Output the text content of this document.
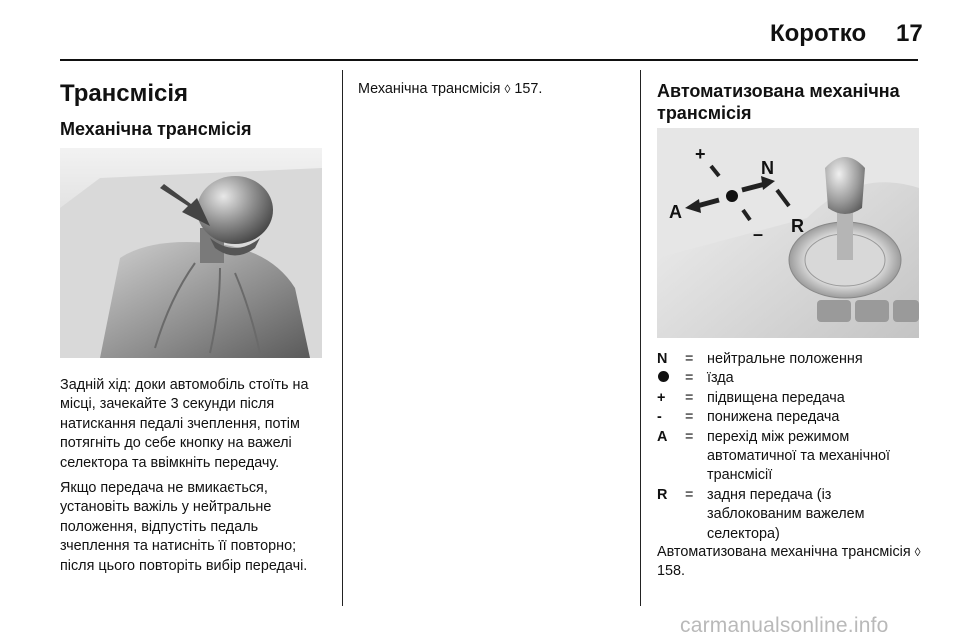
Коротко 17
Трансмісія
Механічна трансмісія

Задній хід: доки автомобіль стоїть на місці, зачекайте 3 секунди після натискання педалі зчеплення, потім потягніть до себе кнопку на важелі селектора та ввімкніть передачу.

Якщо передача не вмикається, установіть важіль у нейтральне положення, відпустіть педаль зчеплення та натисніть її повторно; після цього повторіть вибір передачі.

Механічна трансмісія ◊ 157.	Автоматизована механічна трансмісія
+
N
A
– R
N	= нейтральне положення
= їзда
+	= підвищена передача
-	= понижена передача
A	= перехід між режимом автоматичної та механічної трансмісії
R	= задня передача (із заблокованим важелем селектора)

Автоматизована механічна трансмісія ◊ 158.

carmanualsonline.info
